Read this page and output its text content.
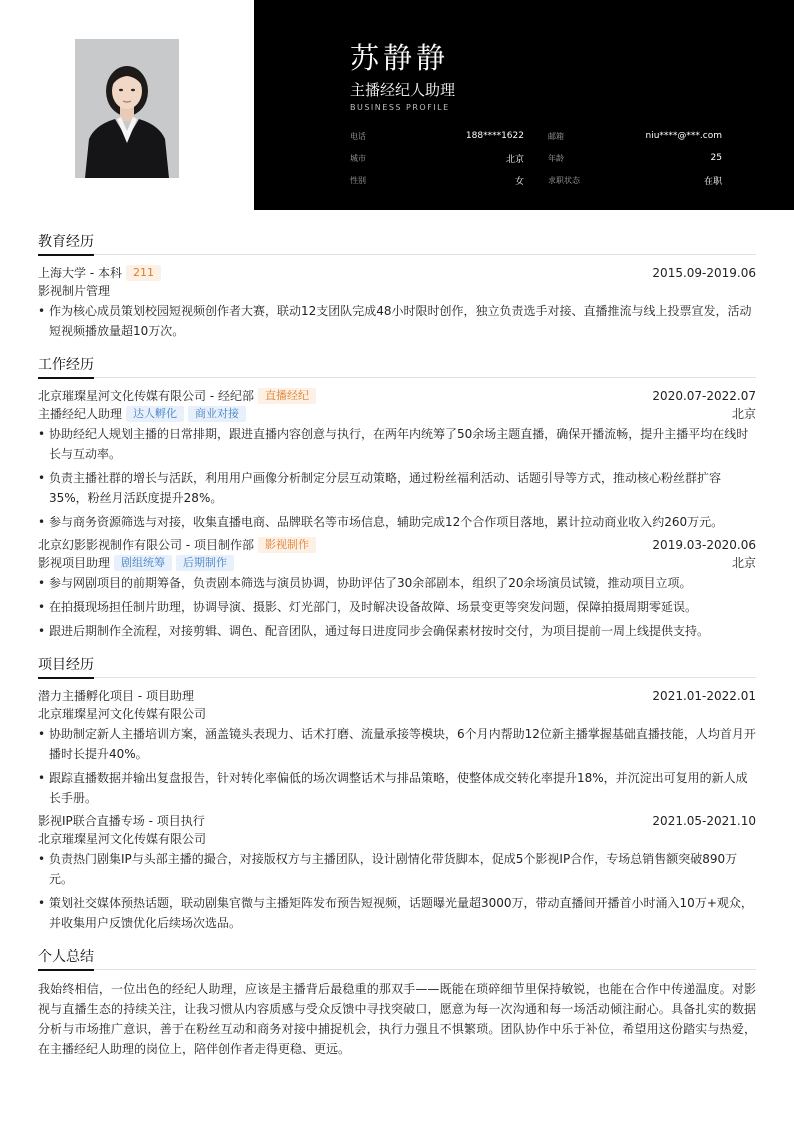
苏静静
主播经纪人助理
BUSINESS PROFILE
电话	188****1622	邮箱	niu****@***.com
城市	北京	年龄	25
性别	女	求职状态	在职
教育经历
上海大学 - 本科	211	2015.09-2019.06
影视制片管理
• 作为核心成员策划校园短视频创作者大赛，联动12支团队完成48小时限时创作，独立负责选手对接、直播推流与线上投票宣发，活动短视频播放量超10万次。
工作经历
北京璀璨星河文化传媒有限公司 - 经纪部	直播经纪	2020.07-2022.07
主播经纪人助理	达人孵化	商业对接	北京
• 协助经纪人规划主播的日常排期，跟进直播内容创意与执行，在两年内统筹了50余场主题直播，确保开播流畅，提升主播平均在线时长与互动率。
• 负责主播社群的增长与活跃，利用用户画像分析制定分层互动策略，通过粉丝福利活动、话题引导等方式，推动核心粉丝群扩容35%，粉丝月活跃度提升28%。
• 参与商务资源筛选与对接，收集直播电商、品牌联名等市场信息，辅助完成12个合作项目落地，累计拉动商业收入约260万元。
北京幻影影视制作有限公司 - 项目制作部	影视制作	2019.03-2020.06
影视项目助理	剧组统筹	后期制作	北京
• 参与网剧项目的前期筹备，负责剧本筛选与演员协调，协助评估了30余部剧本，组织了20余场演员试镜，推动项目立项。
• 在拍摄现场担任制片助理，协调导演、摄影、灯光部门，及时解决设备故障、场景变更等突发问题，保障拍摄周期零延误。
• 跟进后期制作全流程，对接剪辑、调色、配音团队，通过每日进度同步会确保素材按时交付，为项目提前一周上线提供支持。
项目经历
潜力主播孵化项目 - 项目助理	2021.01-2022.01
北京璀璨星河文化传媒有限公司
• 协助制定新人主播培训方案，涵盖镜头表现力、话术打磨、流量承接等模块，6个月内帮助12位新主播掌握基础直播技能，人均首月开播时长提升40%。
• 跟踪直播数据并输出复盘报告，针对转化率偏低的场次调整话术与排品策略，使整体成交转化率提升18%，并沉淀出可复用的新人成长手册。
影视IP联合直播专场 - 项目执行	2021.05-2021.10
北京璀璨星河文化传媒有限公司
• 负责热门剧集IP与头部主播的撮合，对接版权方与主播团队，设计剧情化带货脚本，促成5个影视IP合作，专场总销售额突破890万元。
• 策划社交媒体预热话题，联动剧集官微与主播矩阵发布预告短视频，话题曝光量超3000万，带动直播间开播首小时涌入10万+观众，并收集用户反馈优化后续场次选品。
个人总结

我始终相信，一位出色的经纪人助理，应该是主播背后最稳重的那双手——既能在琐碎细节里保持敏锐，也能在合作中传递温度。对影视与直播生态的持续关注，让我习惯从内容质感与受众反馈中寻找突破口，愿意为每一次沟通和每一场活动倾注耐心。具备扎实的数据分析与市场推广意识，善于在粉丝互动和商务对接中捕捉机会，执行力强且不惧繁琐。团队协作中乐于补位，希望用这份踏实与热爱，在主播经纪人助理的岗位上，陪伴创作者走得更稳、更远。
